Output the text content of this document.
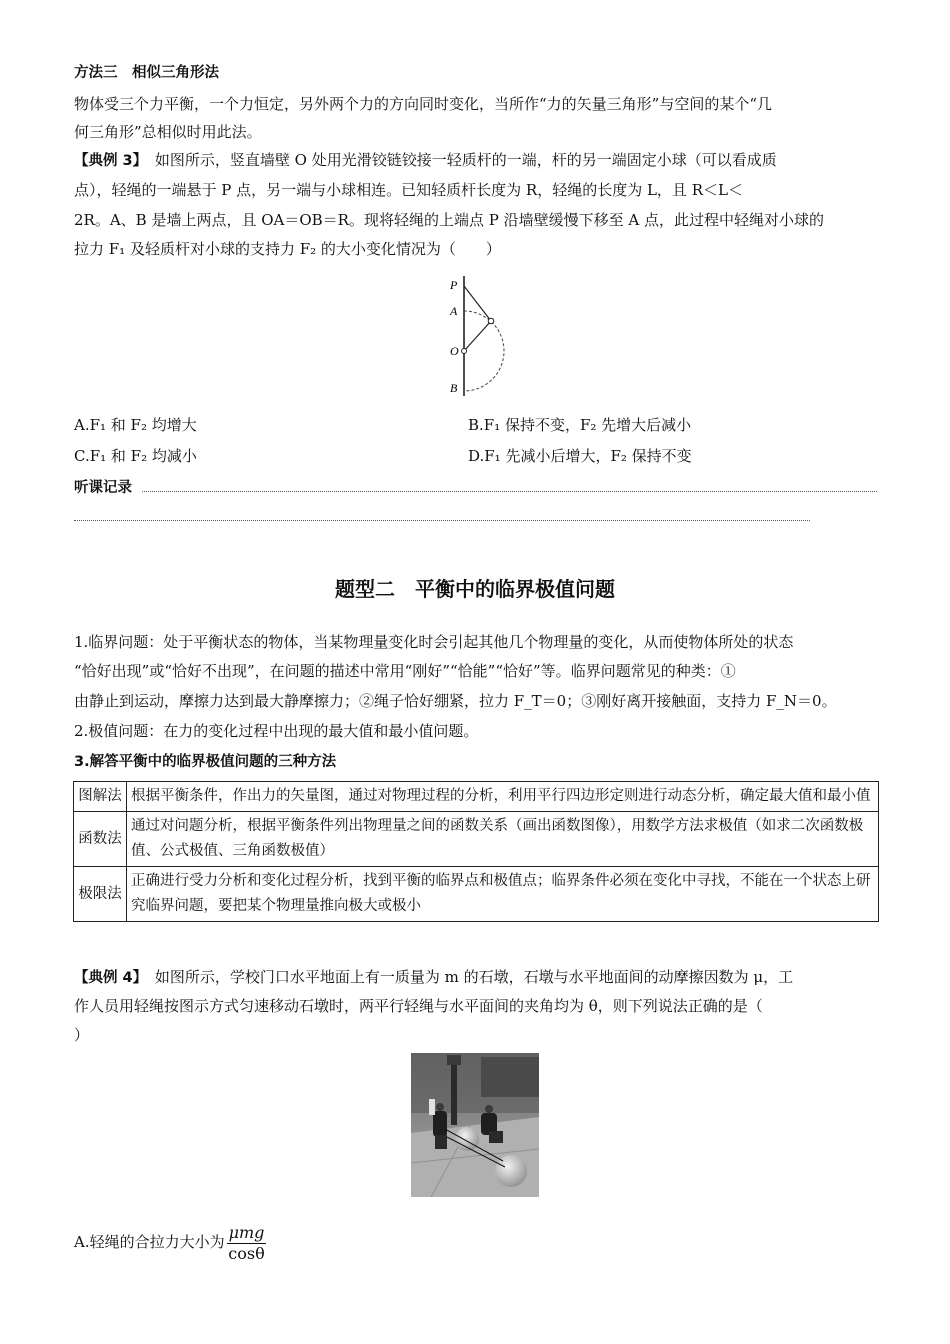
方法三　相似三角形法
物体受三个力平衡，一个力恒定，另外两个力的方向同时变化，当所作“力的矢量三角形”与空间的某个“几
何三角形”总相似时用此法。
【典例 3】　如图所示，竖直墙壁 O 处用光滑铰链铰接一轻质杆的一端，杆的另一端固定小球（可以看成质
点），轻绳的一端悬于 P 点，另一端与小球相连。已知轻质杆长度为 R，轻绳的长度为 L，且 R＜L＜
2R。A、B 是墙上两点，且 OA＝OB＝R。现将轻绳的上端点 P 沿墙壁缓慢下移至 A 点，此过程中轻绳对小球的
拉力 F₁ 及轻质杆对小球的支持力 F₂ 的大小变化情况为（　　）
P
A
O
B
A.F₁ 和 F₂ 均增大	B.F₁ 保持不变，F₂ 先增大后减小
C.F₁ 和 F₂ 均减小	D.F₁ 先减小后增大，F₂ 保持不变
听课记录
题型二　平衡中的临界极值问题
1.临界问题：处于平衡状态的物体，当某物理量变化时会引起其他几个物理量的变化，从而使物体所处的状态
“恰好出现”或“恰好不出现”，在问题的描述中常用“刚好”“恰能”“恰好”等。临界问题常见的种类：①
由静止到运动，摩擦力达到最大静摩擦力；②绳子恰好绷紧，拉力 F_T＝0；③刚好离开接触面，支持力 F_N＝0。
2.极值问题：在力的变化过程中出现的最大值和最小值问题。
3.解答平衡中的临界极值问题的三种方法
图解法	根据平衡条件，作出力的矢量图，通过对物理过程的分析，利用平行四边形定则进行动态分析，确定最大值和最小值
函数法	通过对问题分析，根据平衡条件列出物理量之间的函数关系（画出函数图像），用数学方法求极值（如求二次函数极值、公式极值、三角函数极值）
极限法	正确进行受力分析和变化过程分析，找到平衡的临界点和极值点；临界条件必须在变化中寻找，不能在一个状态上研究临界问题，要把某个物理量推向极大或极小
【典例 4】　如图所示，学校门口水平地面上有一质量为 m 的石墩，石墩与水平地面间的动摩擦因数为 μ，工
作人员用轻绳按图示方式匀速移动石墩时，两平行轻绳与水平面间的夹角均为 θ，则下列说法正确的是（
）
A.轻绳的合拉力大小为 $\frac{\text{μmg}}{\cos\theta}$
